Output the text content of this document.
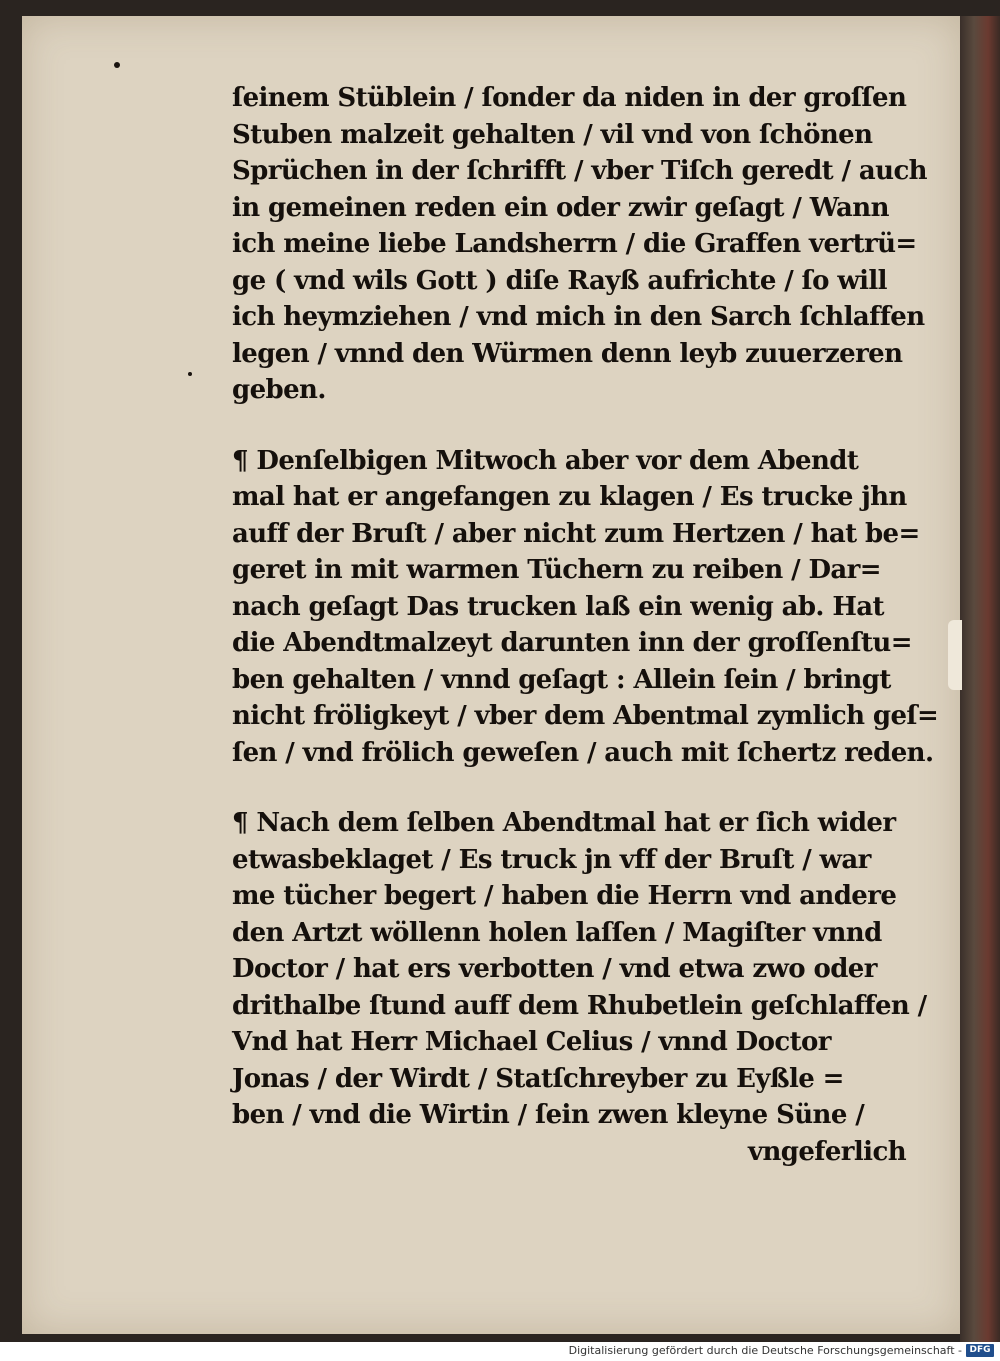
ſeinem Stüblein / ſonder da niden in der groſſen
Stuben malzeit gehalten / vil vnd von ſchönen
Sprüchen in der ſchrifft / vber Tiſch geredt / auch
in gemeinen reden ein oder zwir geſagt / Wann
ich meine liebe Landsherrn / die Graffen vertrü=
ge ( vnd wils Gott ) diſe Rayß aufrichte / ſo will
ich heymziehen / vnd mich in den Sarch ſchlaffen
legen / vnnd den Würmen denn leyb zuuerzeren
geben.
¶ Denſelbigen Mitwoch aber vor dem Abendt
mal hat er angefangen zu klagen / Es trucke jhn
auff der Bruſt / aber nicht zum Hertzen / hat be=
geret in mit warmen Tüchern zu reiben / Dar=
nach geſagt Das trucken laß ein wenig ab. Hat
die Abendtmalzeyt darunten inn der groſſenſtu=
ben gehalten / vnnd geſagt : Allein ſein / bringt
nicht fröligkeyt / vber dem Abentmal zymlich geſ=
ſen / vnd frölich geweſen / auch mit ſchertz reden.
¶ Nach dem ſelben Abendtmal hat er ſich wider
etwasbeklaget / Es truck jn vff der Bruſt / war
me tücher begert / haben die Herrn vnd andere
den Artzt wöllenn holen laſſen / Magiſter vnnd
Doctor / hat ers verbotten / vnd etwa zwo oder
drithalbe ſtund auff dem Rhubetlein geſchlaffen /
Vnd hat Herr Michael Celius / vnnd Doctor
Jonas / der Wirdt / Statſchreyber zu Eyßle =
ben / vnd die Wirtin / ſein zwen kleyne Süne /
vngeferlich
Digitalisierung gefördert durch die Deutsche Forschungsgemeinschaft - DFG
